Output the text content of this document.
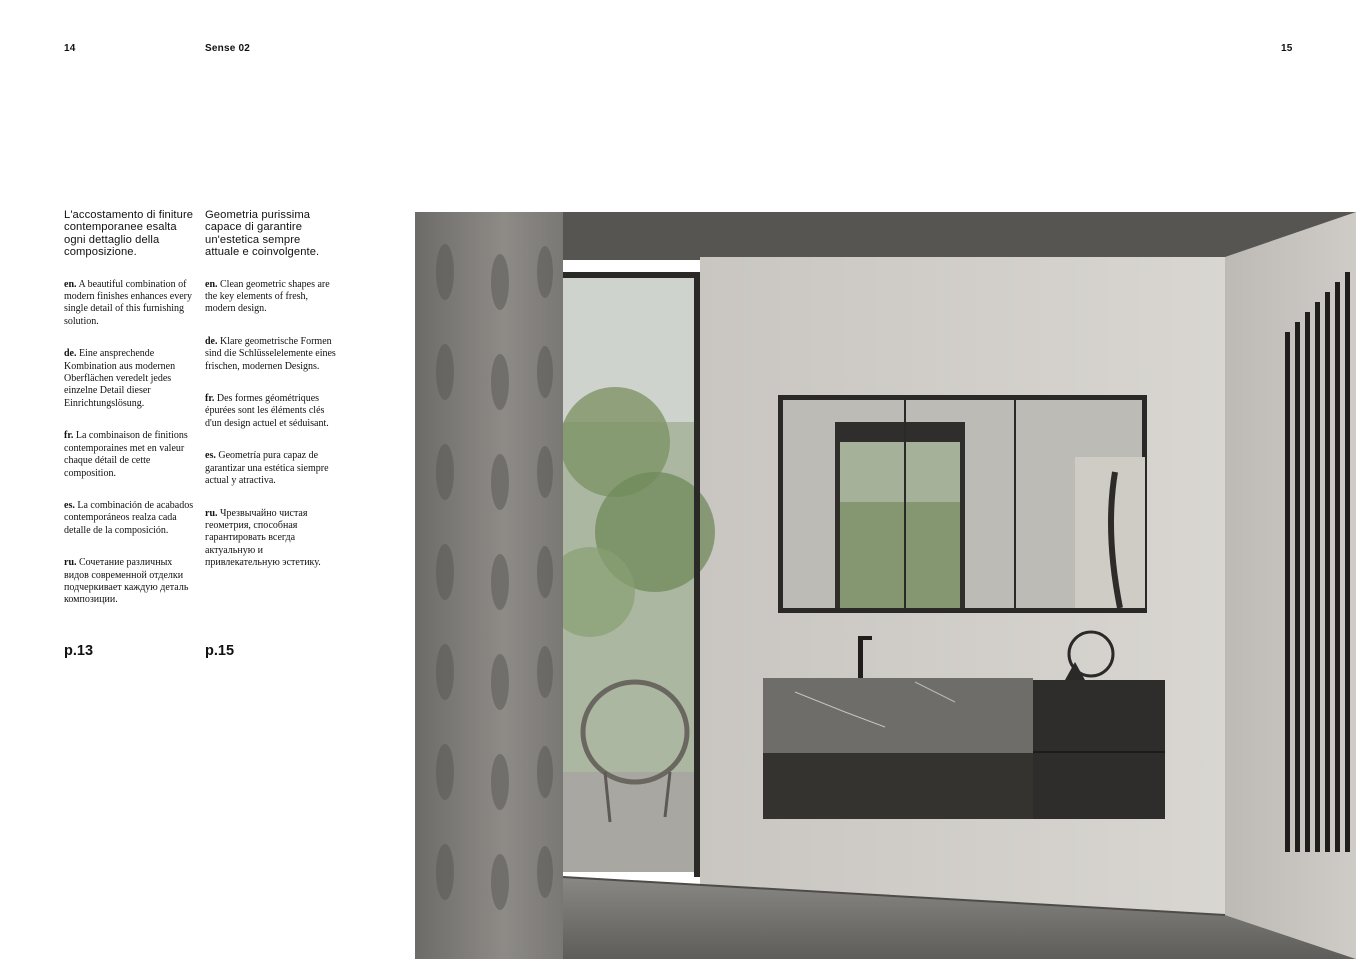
14	Sense 02	15

L'accostamento di finiture contemporanee esalta ogni dettaglio della composizione.

en. A beautiful combination of modern finishes enhances every single detail of this furnishing solution.

de. Eine ansprechende Kombination aus modernen Oberflächen veredelt jedes einzelne Detail dieser Einrichtungslösung.

fr. La combinaison de finitions contemporaines met en valeur chaque détail de cette composition.

es. La combinación de acabados contemporáneos realza cada detalle de la composición.

ru. Сочетание различных видов современной отделки подчеркивает каждую деталь композиции.

p.13

Geometria purissima capace di garantire un'estetica sempre attuale e coinvolgente.

en. Clean geometric shapes are the key elements of fresh, modern design.

de. Klare geometrische Formen sind die Schlüsselelemente eines frischen, modernen Designs.

fr. Des formes géométriques épurées sont les éléments clés d'un design actuel et séduisant.

es. Geometría pura capaz de garantizar una estética siempre actual y atractiva.

ru. Чрезвычайно чистая геометрия, способная гарантировать всегда актуальную и привлекательную эстетику.

p.15
